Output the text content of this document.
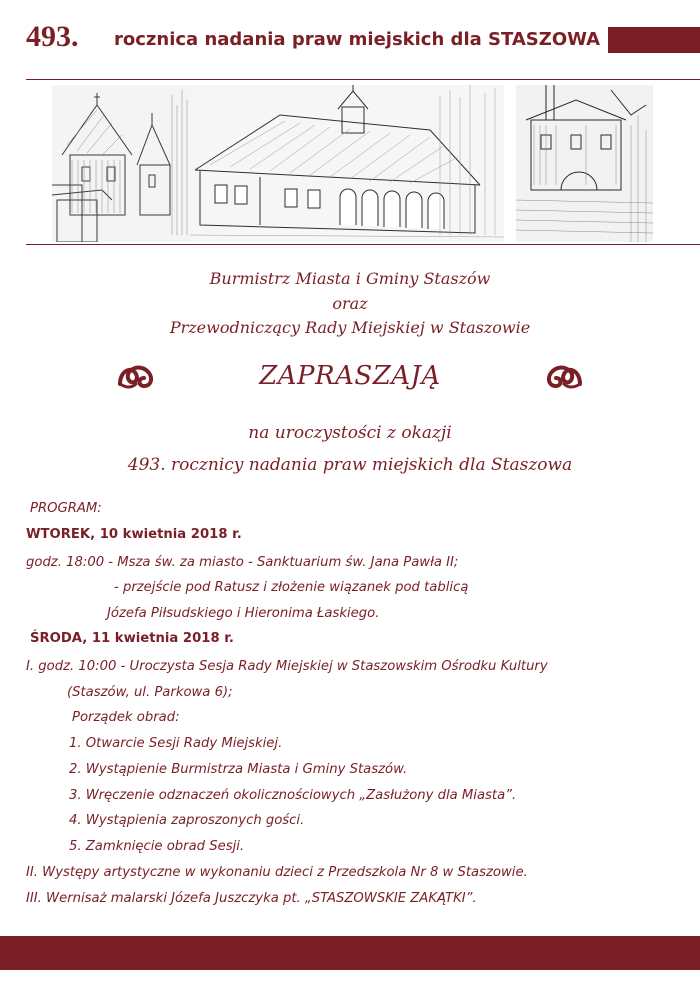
493. rocznica nadania praw miejskich dla STASZOWA
Burmistrz Miasta i Gminy Staszów
oraz
Przewodniczący Rady Miejskiej w Staszowie
ZAPRASZAJĄ
na uroczystości z okazji
493. rocznicy nadania praw miejskich dla Staszowa
PROGRAM:
WTOREK, 10 kwietnia 2018 r.
godz. 18:00 - Msza św. za miasto - Sanktuarium św. Jana Pawła II;
- przejście pod Ratusz i złożenie wiązanek pod tablicą
Józefa Piłsudskiego i Hieronima Łaskiego.
ŚRODA, 11 kwietnia 2018 r.
I. godz. 10:00 - Uroczysta Sesja Rady Miejskiej w Staszowskim Ośrodku Kultury
(Staszów, ul. Parkowa 6);
Porządek obrad:
1. Otwarcie Sesji Rady Miejskiej.
2. Wystąpienie Burmistrza Miasta i Gminy Staszów.
3. Wręczenie odznaczeń okolicznościowych „Zasłużony dla Miasta”.
4. Wystąpienia zaproszonych gości.
5. Zamknięcie obrad Sesji.
II. Występy artystyczne w wykonaniu dzieci z Przedszkola Nr 8 w Staszowie.
III. Wernisaż malarski Józefa Juszczyka pt. „STASZOWSKIE ZAKĄTKI”.
